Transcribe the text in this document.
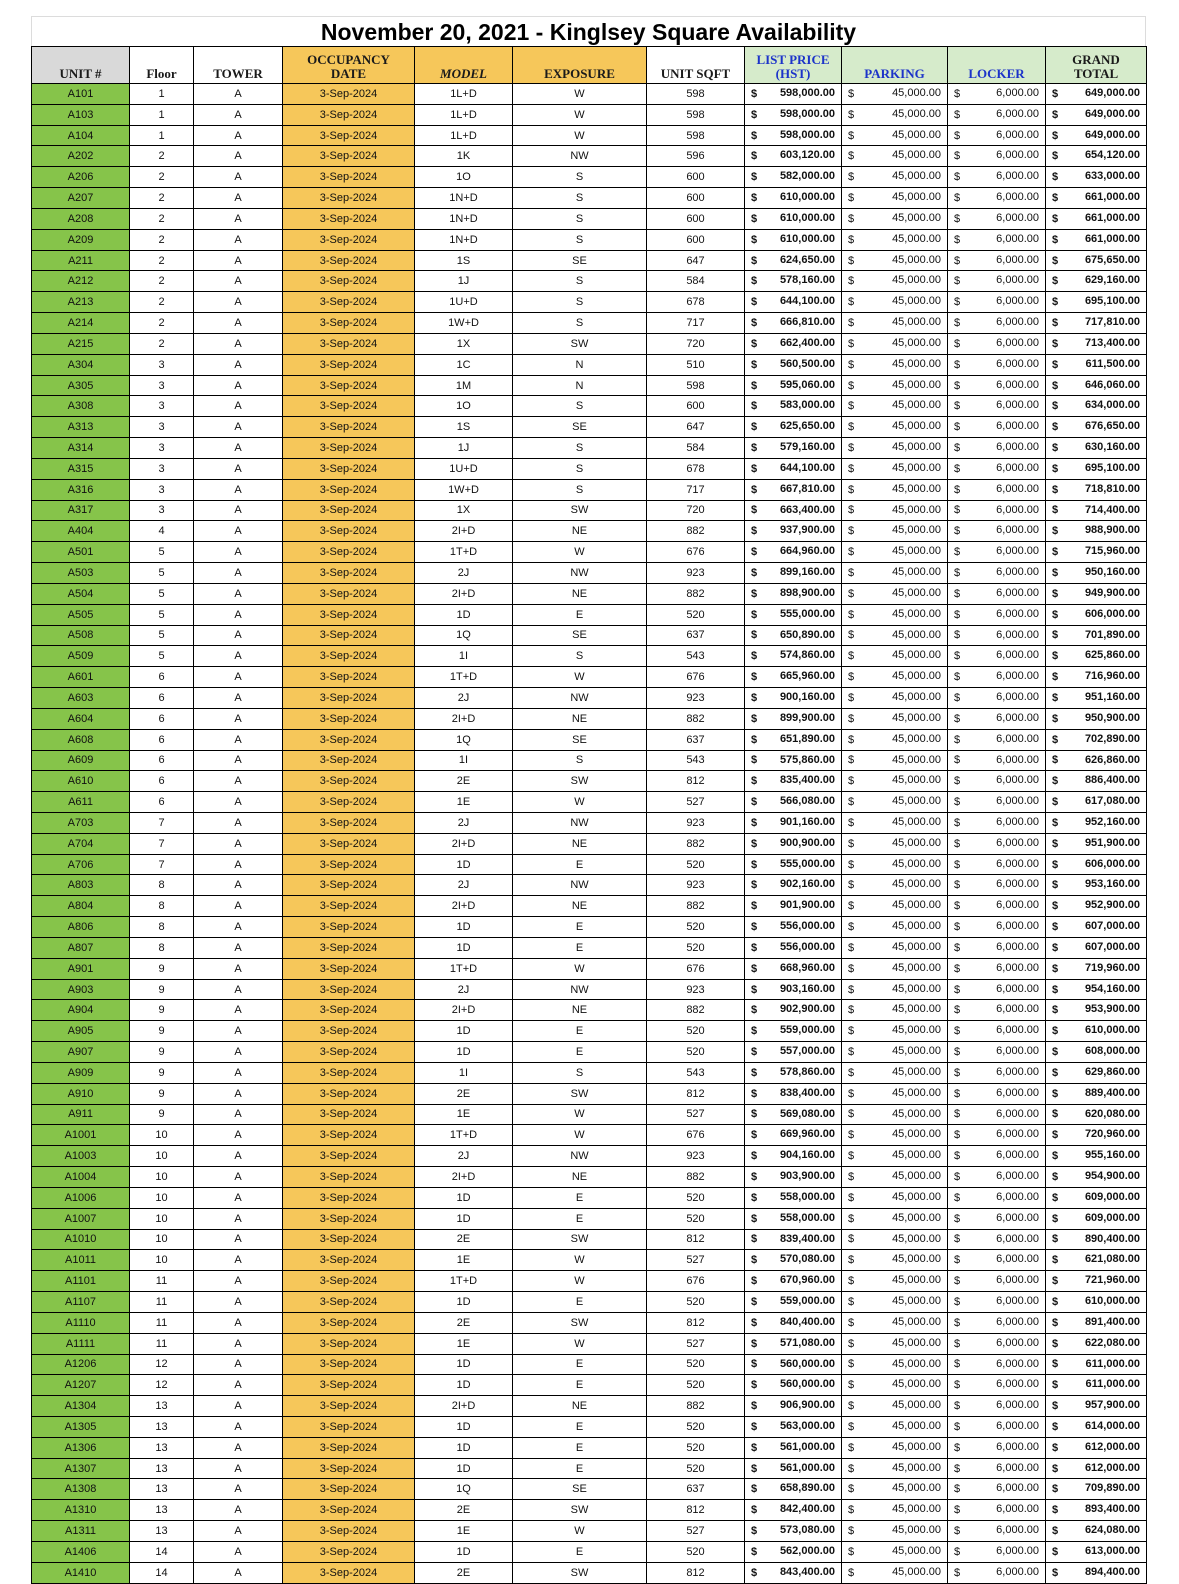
November 20, 2021 - Kinglsey Square Availability
UNIT #	Floor	TOWER	OCCUPANCY DATE	MODEL	EXPOSURE	UNIT SQFT	LIST PRICE (HST)	PARKING	LOCKER	GRAND TOTAL
A101	1	A	3-Sep-2024	1L+D	W	598	$ 598,000.00	$ 45,000.00	$ 6,000.00	$ 649,000.00

A103	1	A	3-Sep-2024	1L+D	W	598	$ 598,000.00	$ 45,000.00	$ 6,000.00	$ 649,000.00

A104	1	A	3-Sep-2024	1L+D	W	598	$ 598,000.00	$ 45,000.00	$ 6,000.00	$ 649,000.00

A202	2	A	3-Sep-2024	1K	NW	596	$ 603,120.00	$ 45,000.00	$ 6,000.00	$ 654,120.00

A206	2	A	3-Sep-2024	1O	S	600	$ 582,000.00	$ 45,000.00	$ 6,000.00	$ 633,000.00

A207	2	A	3-Sep-2024	1N+D	S	600	$ 610,000.00	$ 45,000.00	$ 6,000.00	$ 661,000.00

A208	2	A	3-Sep-2024	1N+D	S	600	$ 610,000.00	$ 45,000.00	$ 6,000.00	$ 661,000.00

A209	2	A	3-Sep-2024	1N+D	S	600	$ 610,000.00	$ 45,000.00	$ 6,000.00	$ 661,000.00

A211	2	A	3-Sep-2024	1S	SE	647	$ 624,650.00	$ 45,000.00	$ 6,000.00	$ 675,650.00

A212	2	A	3-Sep-2024	1J	S	584	$ 578,160.00	$ 45,000.00	$ 6,000.00	$ 629,160.00

A213	2	A	3-Sep-2024	1U+D	S	678	$ 644,100.00	$ 45,000.00	$ 6,000.00	$ 695,100.00

A214	2	A	3-Sep-2024	1W+D	S	717	$ 666,810.00	$ 45,000.00	$ 6,000.00	$ 717,810.00

A215	2	A	3-Sep-2024	1X	SW	720	$ 662,400.00	$ 45,000.00	$ 6,000.00	$ 713,400.00

A304	3	A	3-Sep-2024	1C	N	510	$ 560,500.00	$ 45,000.00	$ 6,000.00	$ 611,500.00

A305	3	A	3-Sep-2024	1M	N	598	$ 595,060.00	$ 45,000.00	$ 6,000.00	$ 646,060.00

A308	3	A	3-Sep-2024	1O	S	600	$ 583,000.00	$ 45,000.00	$ 6,000.00	$ 634,000.00

A313	3	A	3-Sep-2024	1S	SE	647	$ 625,650.00	$ 45,000.00	$ 6,000.00	$ 676,650.00

A314	3	A	3-Sep-2024	1J	S	584	$ 579,160.00	$ 45,000.00	$ 6,000.00	$ 630,160.00

A315	3	A	3-Sep-2024	1U+D	S	678	$ 644,100.00	$ 45,000.00	$ 6,000.00	$ 695,100.00

A316	3	A	3-Sep-2024	1W+D	S	717	$ 667,810.00	$ 45,000.00	$ 6,000.00	$ 718,810.00

A317	3	A	3-Sep-2024	1X	SW	720	$ 663,400.00	$ 45,000.00	$ 6,000.00	$ 714,400.00

A404	4	A	3-Sep-2024	2I+D	NE	882	$ 937,900.00	$ 45,000.00	$ 6,000.00	$ 988,900.00

A501	5	A	3-Sep-2024	1T+D	W	676	$ 664,960.00	$ 45,000.00	$ 6,000.00	$ 715,960.00

A503	5	A	3-Sep-2024	2J	NW	923	$ 899,160.00	$ 45,000.00	$ 6,000.00	$ 950,160.00

A504	5	A	3-Sep-2024	2I+D	NE	882	$ 898,900.00	$ 45,000.00	$ 6,000.00	$ 949,900.00

A505	5	A	3-Sep-2024	1D	E	520	$ 555,000.00	$ 45,000.00	$ 6,000.00	$ 606,000.00

A508	5	A	3-Sep-2024	1Q	SE	637	$ 650,890.00	$ 45,000.00	$ 6,000.00	$ 701,890.00

A509	5	A	3-Sep-2024	1I	S	543	$ 574,860.00	$ 45,000.00	$ 6,000.00	$ 625,860.00

A601	6	A	3-Sep-2024	1T+D	W	676	$ 665,960.00	$ 45,000.00	$ 6,000.00	$ 716,960.00

A603	6	A	3-Sep-2024	2J	NW	923	$ 900,160.00	$ 45,000.00	$ 6,000.00	$ 951,160.00

A604	6	A	3-Sep-2024	2I+D	NE	882	$ 899,900.00	$ 45,000.00	$ 6,000.00	$ 950,900.00

A608	6	A	3-Sep-2024	1Q	SE	637	$ 651,890.00	$ 45,000.00	$ 6,000.00	$ 702,890.00

A609	6	A	3-Sep-2024	1I	S	543	$ 575,860.00	$ 45,000.00	$ 6,000.00	$ 626,860.00

A610	6	A	3-Sep-2024	2E	SW	812	$ 835,400.00	$ 45,000.00	$ 6,000.00	$ 886,400.00

A611	6	A	3-Sep-2024	1E	W	527	$ 566,080.00	$ 45,000.00	$ 6,000.00	$ 617,080.00

A703	7	A	3-Sep-2024	2J	NW	923	$ 901,160.00	$ 45,000.00	$ 6,000.00	$ 952,160.00

A704	7	A	3-Sep-2024	2I+D	NE	882	$ 900,900.00	$ 45,000.00	$ 6,000.00	$ 951,900.00

A706	7	A	3-Sep-2024	1D	E	520	$ 555,000.00	$ 45,000.00	$ 6,000.00	$ 606,000.00

A803	8	A	3-Sep-2024	2J	NW	923	$ 902,160.00	$ 45,000.00	$ 6,000.00	$ 953,160.00

A804	8	A	3-Sep-2024	2I+D	NE	882	$ 901,900.00	$ 45,000.00	$ 6,000.00	$ 952,900.00

A806	8	A	3-Sep-2024	1D	E	520	$ 556,000.00	$ 45,000.00	$ 6,000.00	$ 607,000.00

A807	8	A	3-Sep-2024	1D	E	520	$ 556,000.00	$ 45,000.00	$ 6,000.00	$ 607,000.00

A901	9	A	3-Sep-2024	1T+D	W	676	$ 668,960.00	$ 45,000.00	$ 6,000.00	$ 719,960.00

A903	9	A	3-Sep-2024	2J	NW	923	$ 903,160.00	$ 45,000.00	$ 6,000.00	$ 954,160.00

A904	9	A	3-Sep-2024	2I+D	NE	882	$ 902,900.00	$ 45,000.00	$ 6,000.00	$ 953,900.00

A905	9	A	3-Sep-2024	1D	E	520	$ 559,000.00	$ 45,000.00	$ 6,000.00	$ 610,000.00

A907	9	A	3-Sep-2024	1D	E	520	$ 557,000.00	$ 45,000.00	$ 6,000.00	$ 608,000.00

A909	9	A	3-Sep-2024	1I	S	543	$ 578,860.00	$ 45,000.00	$ 6,000.00	$ 629,860.00

A910	9	A	3-Sep-2024	2E	SW	812	$ 838,400.00	$ 45,000.00	$ 6,000.00	$ 889,400.00

A911	9	A	3-Sep-2024	1E	W	527	$ 569,080.00	$ 45,000.00	$ 6,000.00	$ 620,080.00

A1001	10	A	3-Sep-2024	1T+D	W	676	$ 669,960.00	$ 45,000.00	$ 6,000.00	$ 720,960.00

A1003	10	A	3-Sep-2024	2J	NW	923	$ 904,160.00	$ 45,000.00	$ 6,000.00	$ 955,160.00

A1004	10	A	3-Sep-2024	2I+D	NE	882	$ 903,900.00	$ 45,000.00	$ 6,000.00	$ 954,900.00

A1006	10	A	3-Sep-2024	1D	E	520	$ 558,000.00	$ 45,000.00	$ 6,000.00	$ 609,000.00

A1007	10	A	3-Sep-2024	1D	E	520	$ 558,000.00	$ 45,000.00	$ 6,000.00	$ 609,000.00

A1010	10	A	3-Sep-2024	2E	SW	812	$ 839,400.00	$ 45,000.00	$ 6,000.00	$ 890,400.00

A1011	10	A	3-Sep-2024	1E	W	527	$ 570,080.00	$ 45,000.00	$ 6,000.00	$ 621,080.00

A1101	11	A	3-Sep-2024	1T+D	W	676	$ 670,960.00	$ 45,000.00	$ 6,000.00	$ 721,960.00

A1107	11	A	3-Sep-2024	1D	E	520	$ 559,000.00	$ 45,000.00	$ 6,000.00	$ 610,000.00

A1110	11	A	3-Sep-2024	2E	SW	812	$ 840,400.00	$ 45,000.00	$ 6,000.00	$ 891,400.00

A1111	11	A	3-Sep-2024	1E	W	527	$ 571,080.00	$ 45,000.00	$ 6,000.00	$ 622,080.00

A1206	12	A	3-Sep-2024	1D	E	520	$ 560,000.00	$ 45,000.00	$ 6,000.00	$ 611,000.00

A1207	12	A	3-Sep-2024	1D	E	520	$ 560,000.00	$ 45,000.00	$ 6,000.00	$ 611,000.00

A1304	13	A	3-Sep-2024	2I+D	NE	882	$ 906,900.00	$ 45,000.00	$ 6,000.00	$ 957,900.00

A1305	13	A	3-Sep-2024	1D	E	520	$ 563,000.00	$ 45,000.00	$ 6,000.00	$ 614,000.00

A1306	13	A	3-Sep-2024	1D	E	520	$ 561,000.00	$ 45,000.00	$ 6,000.00	$ 612,000.00

A1307	13	A	3-Sep-2024	1D	E	520	$ 561,000.00	$ 45,000.00	$ 6,000.00	$ 612,000.00

A1308	13	A	3-Sep-2024	1Q	SE	637	$ 658,890.00	$ 45,000.00	$ 6,000.00	$ 709,890.00

A1310	13	A	3-Sep-2024	2E	SW	812	$ 842,400.00	$ 45,000.00	$ 6,000.00	$ 893,400.00

A1311	13	A	3-Sep-2024	1E	W	527	$ 573,080.00	$ 45,000.00	$ 6,000.00	$ 624,080.00

A1406	14	A	3-Sep-2024	1D	E	520	$ 562,000.00	$ 45,000.00	$ 6,000.00	$ 613,000.00

A1410	14	A	3-Sep-2024	2E	SW	812	$ 843,400.00	$ 45,000.00	$ 6,000.00	$ 894,400.00
